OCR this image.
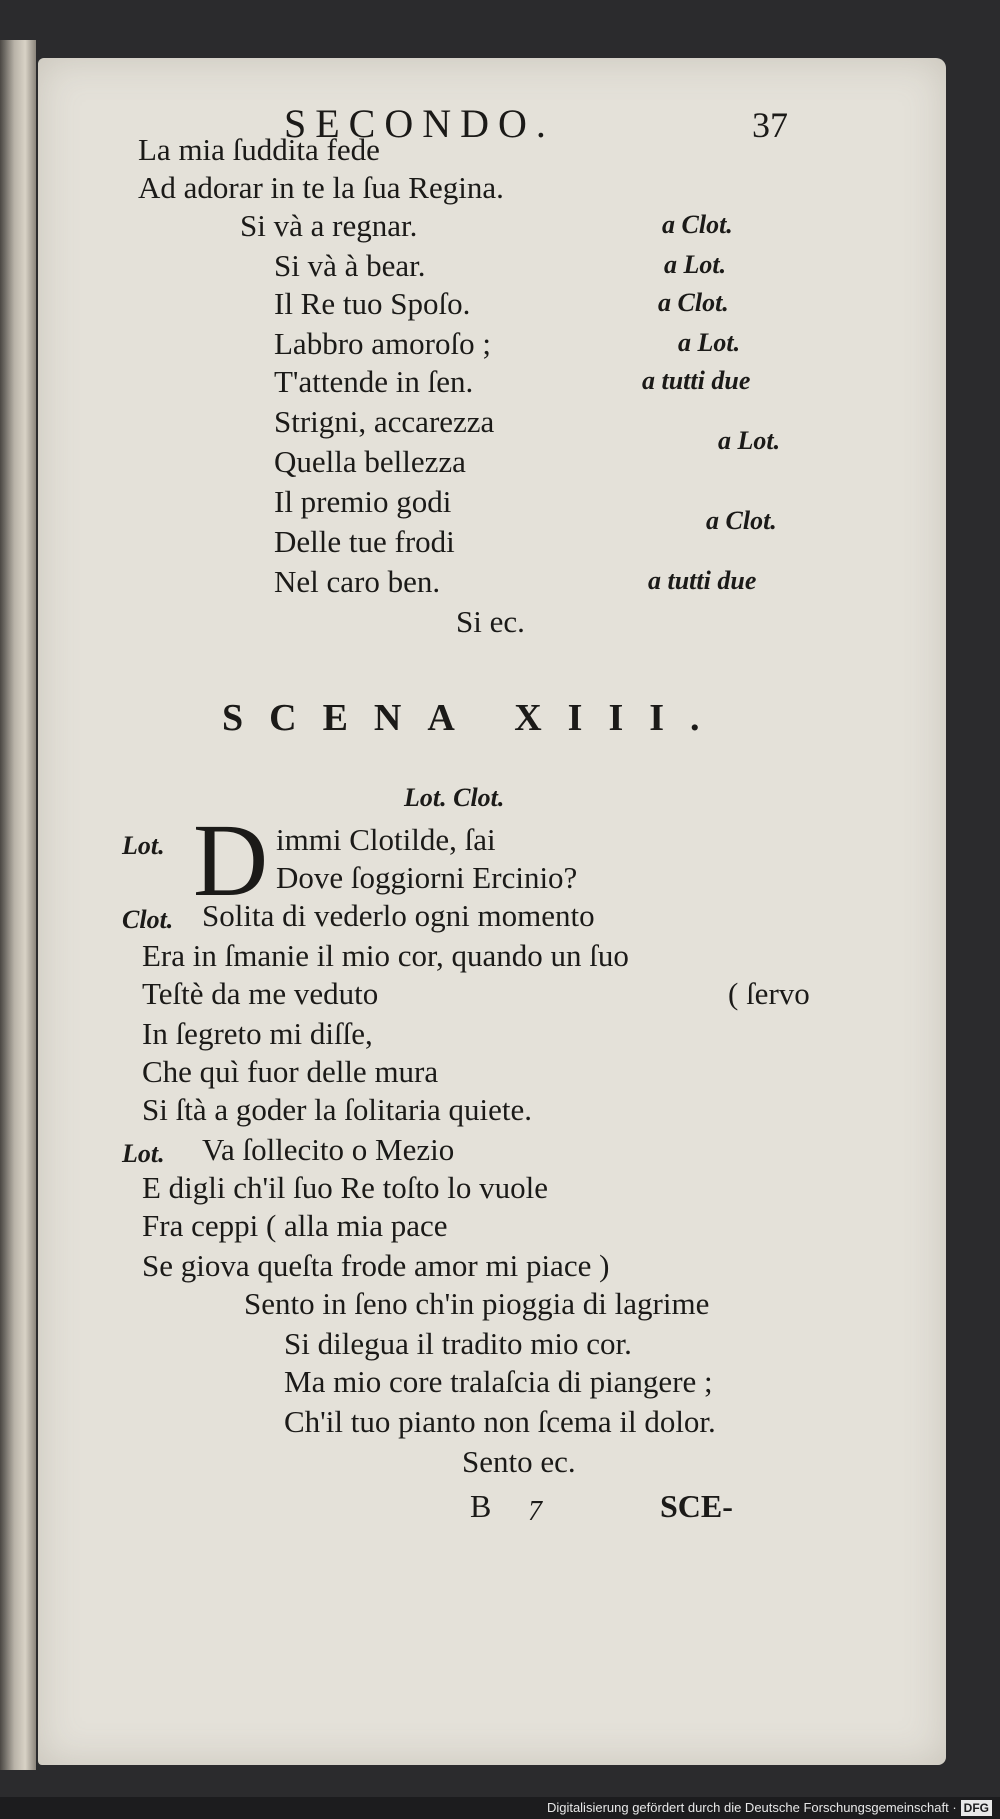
SECONDO.	37
La mia ſuddita fede
Ad adorar in te la ſua Regina.
Si và a regnar.	a Clot.
Si và à bear.	a Lot.
Il Re tuo Spoſo.	a Clot.
Labbro amoroſo ;	a Lot.
T'attende in ſen.	a tutti due
Strigni, accarezza
Quella bellezza
a Lot.
Il premio godi
Delle tue frodi
a Clot.
Nel caro ben.	a tutti due
Si ec.
SCENA XIII.
Lot. Clot.
Lot. D immi Clotilde, ſai
Dove ſoggiorni Ercinio?
Clot. Solita di vederlo ogni momento
Era in ſmanie il mio cor, quando un ſuo
Teſtè da me veduto	( ſervo
In ſegreto mi diſſe,
Che quì fuor delle mura
Si ſtà a goder la ſolitaria quiete.
Lot. Va ſollecito o Mezio
E digli ch'il ſuo Re toſto lo vuole
Fra ceppi ( alla mia pace
Se giova queſta frode amor mi piace )
Sento in ſeno ch'in pioggia di lagrime
Si dilegua il tradito mio cor.
Ma mio core tralaſcia di piangere ;
Ch'il tuo pianto non ſcema il dolor.
Sento ec.
B 7	SCE-
Digitalisierung gefördert durch die Deutsche Forschungsgemeinschaft · DFG
